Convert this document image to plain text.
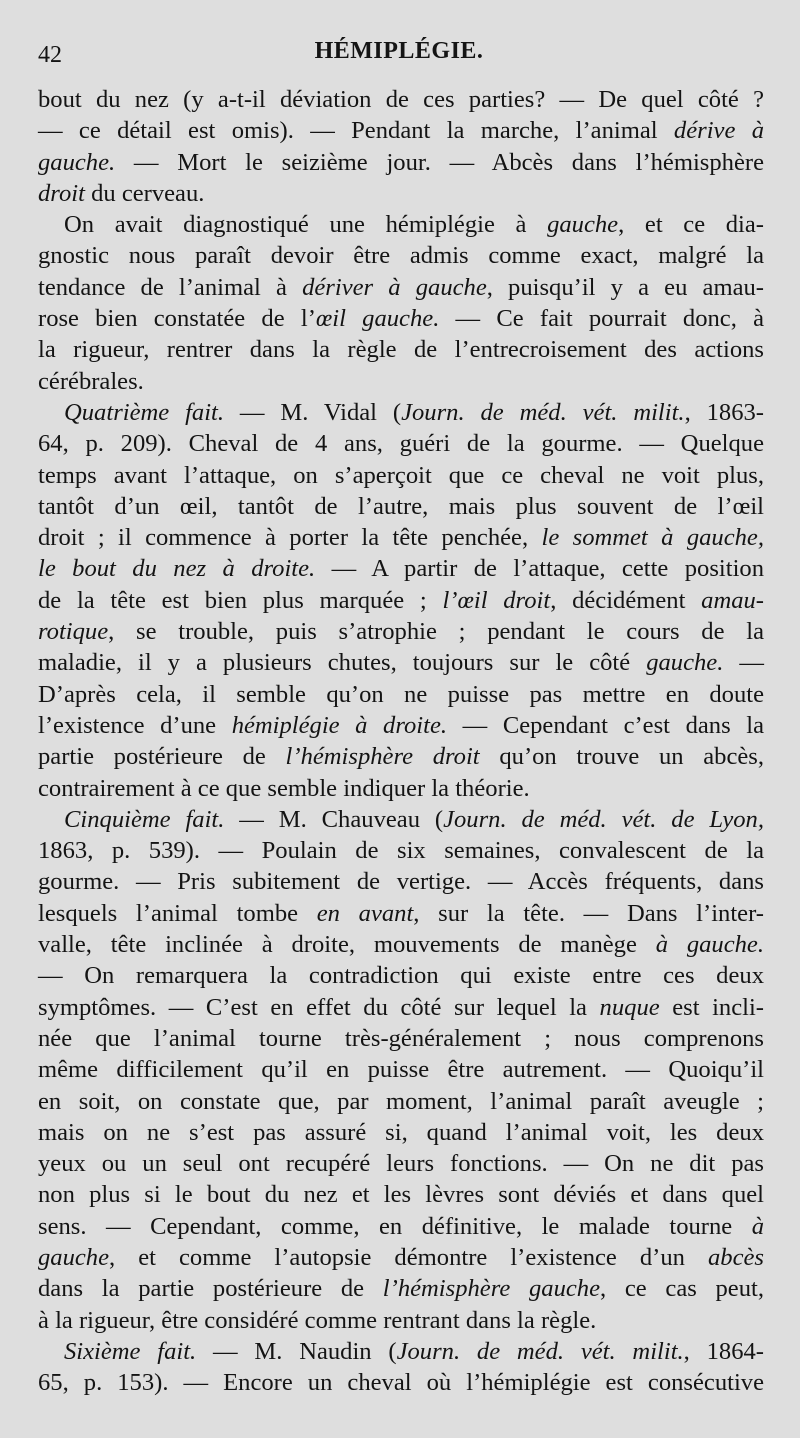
42	HÉMIPLÉGIE.
bout du nez (y a-t-il déviation de ces parties? — De quel côté ?
— ce détail est omis). — Pendant la marche, l’animal dérive à
gauche. — Mort le seizième jour. — Abcès dans l’hémisphère
droit du cerveau.
On avait diagnostiqué une hémiplégie à gauche, et ce dia-
gnostic nous paraît devoir être admis comme exact, malgré la
tendance de l’animal à dériver à gauche, puisqu’il y a eu amau-
rose bien constatée de l’œil gauche. — Ce fait pourrait donc, à
la rigueur, rentrer dans la règle de l’entrecroisement des actions
cérébrales.
Quatrième fait. — M. Vidal (Journ. de méd. vét. milit., 1863-
64, p. 209). Cheval de 4 ans, guéri de la gourme. — Quelque
temps avant l’attaque, on s’aperçoit que ce cheval ne voit plus,
tantôt d’un œil, tantôt de l’autre, mais plus souvent de l’œil
droit ; il commence à porter la tête penchée, le sommet à gauche,
le bout du nez à droite. — A partir de l’attaque, cette position
de la tête est bien plus marquée ; l’œil droit, décidément amau-
rotique, se trouble, puis s’atrophie ; pendant le cours de la
maladie, il y a plusieurs chutes, toujours sur le côté gauche. —
D’après cela, il semble qu’on ne puisse pas mettre en doute
l’existence d’une hémiplégie à droite. — Cependant c’est dans la
partie postérieure de l’hémisphère droit qu’on trouve un abcès,
contrairement à ce que semble indiquer la théorie.
Cinquième fait. — M. Chauveau (Journ. de méd. vét. de Lyon,
1863, p. 539). — Poulain de six semaines, convalescent de la
gourme. — Pris subitement de vertige. — Accès fréquents, dans
lesquels l’animal tombe en avant, sur la tête. — Dans l’inter-
valle, tête inclinée à droite, mouvements de manège à gauche.
— On remarquera la contradiction qui existe entre ces deux
symptômes. — C’est en effet du côté sur lequel la nuque est incli-
née que l’animal tourne très-généralement ; nous comprenons
même difficilement qu’il en puisse être autrement. — Quoiqu’il
en soit, on constate que, par moment, l’animal paraît aveugle ;
mais on ne s’est pas assuré si, quand l’animal voit, les deux
yeux ou un seul ont recupéré leurs fonctions. — On ne dit pas
non plus si le bout du nez et les lèvres sont déviés et dans quel
sens. — Cependant, comme, en définitive, le malade tourne à
gauche, et comme l’autopsie démontre l’existence d’un abcès
dans la partie postérieure de l’hémisphère gauche, ce cas peut,
à la rigueur, être considéré comme rentrant dans la règle.
Sixième fait. — M. Naudin (Journ. de méd. vét. milit., 1864-
65, p. 153). — Encore un cheval où l’hémiplégie est consécutive
